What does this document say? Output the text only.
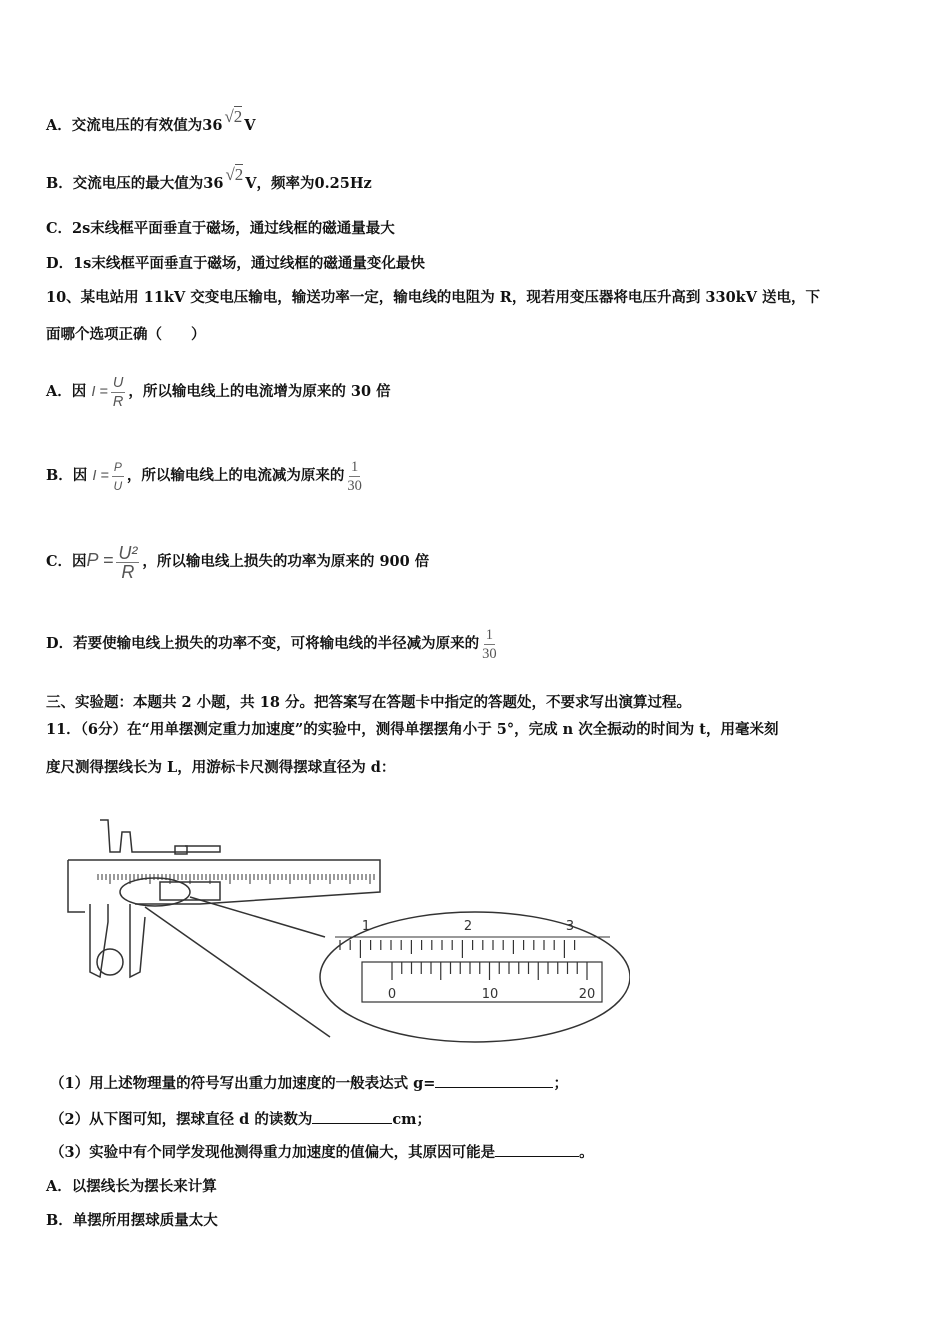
A．交流电压的有效值为36 √2 V
B．交流电压的最大值为36 √2 V，频率为0.25Hz
C．2s末线框平面垂直于磁场，通过线框的磁通量最大
D．1s末线框平面垂直于磁场，通过线框的磁通量变化最快
10、某电站用 11kV 交变电压输电，输送功率一定，输电线的电阻为 R，现若用变压器将电压升高到 330kV 送电，下
面哪个选项正确（　　）
A．因 $I = \frac{U}{R}$ ，所以输电线上的电流增为原来的 30 倍
B．因 $I = \frac{P}{U}$ ，所以输电线上的电流减为原来的 $\frac{1}{30}$
C．因$P = \frac{\text{U²}}{R}$ ，所以输电线上损失的功率为原来的 900 倍
D．若要使输电线上损失的功率不变，可将输电线的半径减为原来的 $\frac{1}{30}$
三、实验题：本题共 2 小题，共 18 分。把答案写在答题卡中指定的答题处，不要求写出演算过程。
11．（6分）在“用单摆测定重力加速度”的实验中，测得单摆摆角小于 5°，完成 n 次全振动的时间为 t，用毫米刻
度尺测得摆线长为 L，用游标卡尺测得摆球直径为 d：
1	2	3
0	10	20
（1）用上述物理量的符号写出重力加速度的一般表达式 g=	；
（2）从下图可知，摆球直径 d 的读数为	cm；
（3）实验中有个同学发现他测得重力加速度的值偏大，其原因可能是	。
A．以摆线长为摆长来计算
B．单摆所用摆球质量太大
